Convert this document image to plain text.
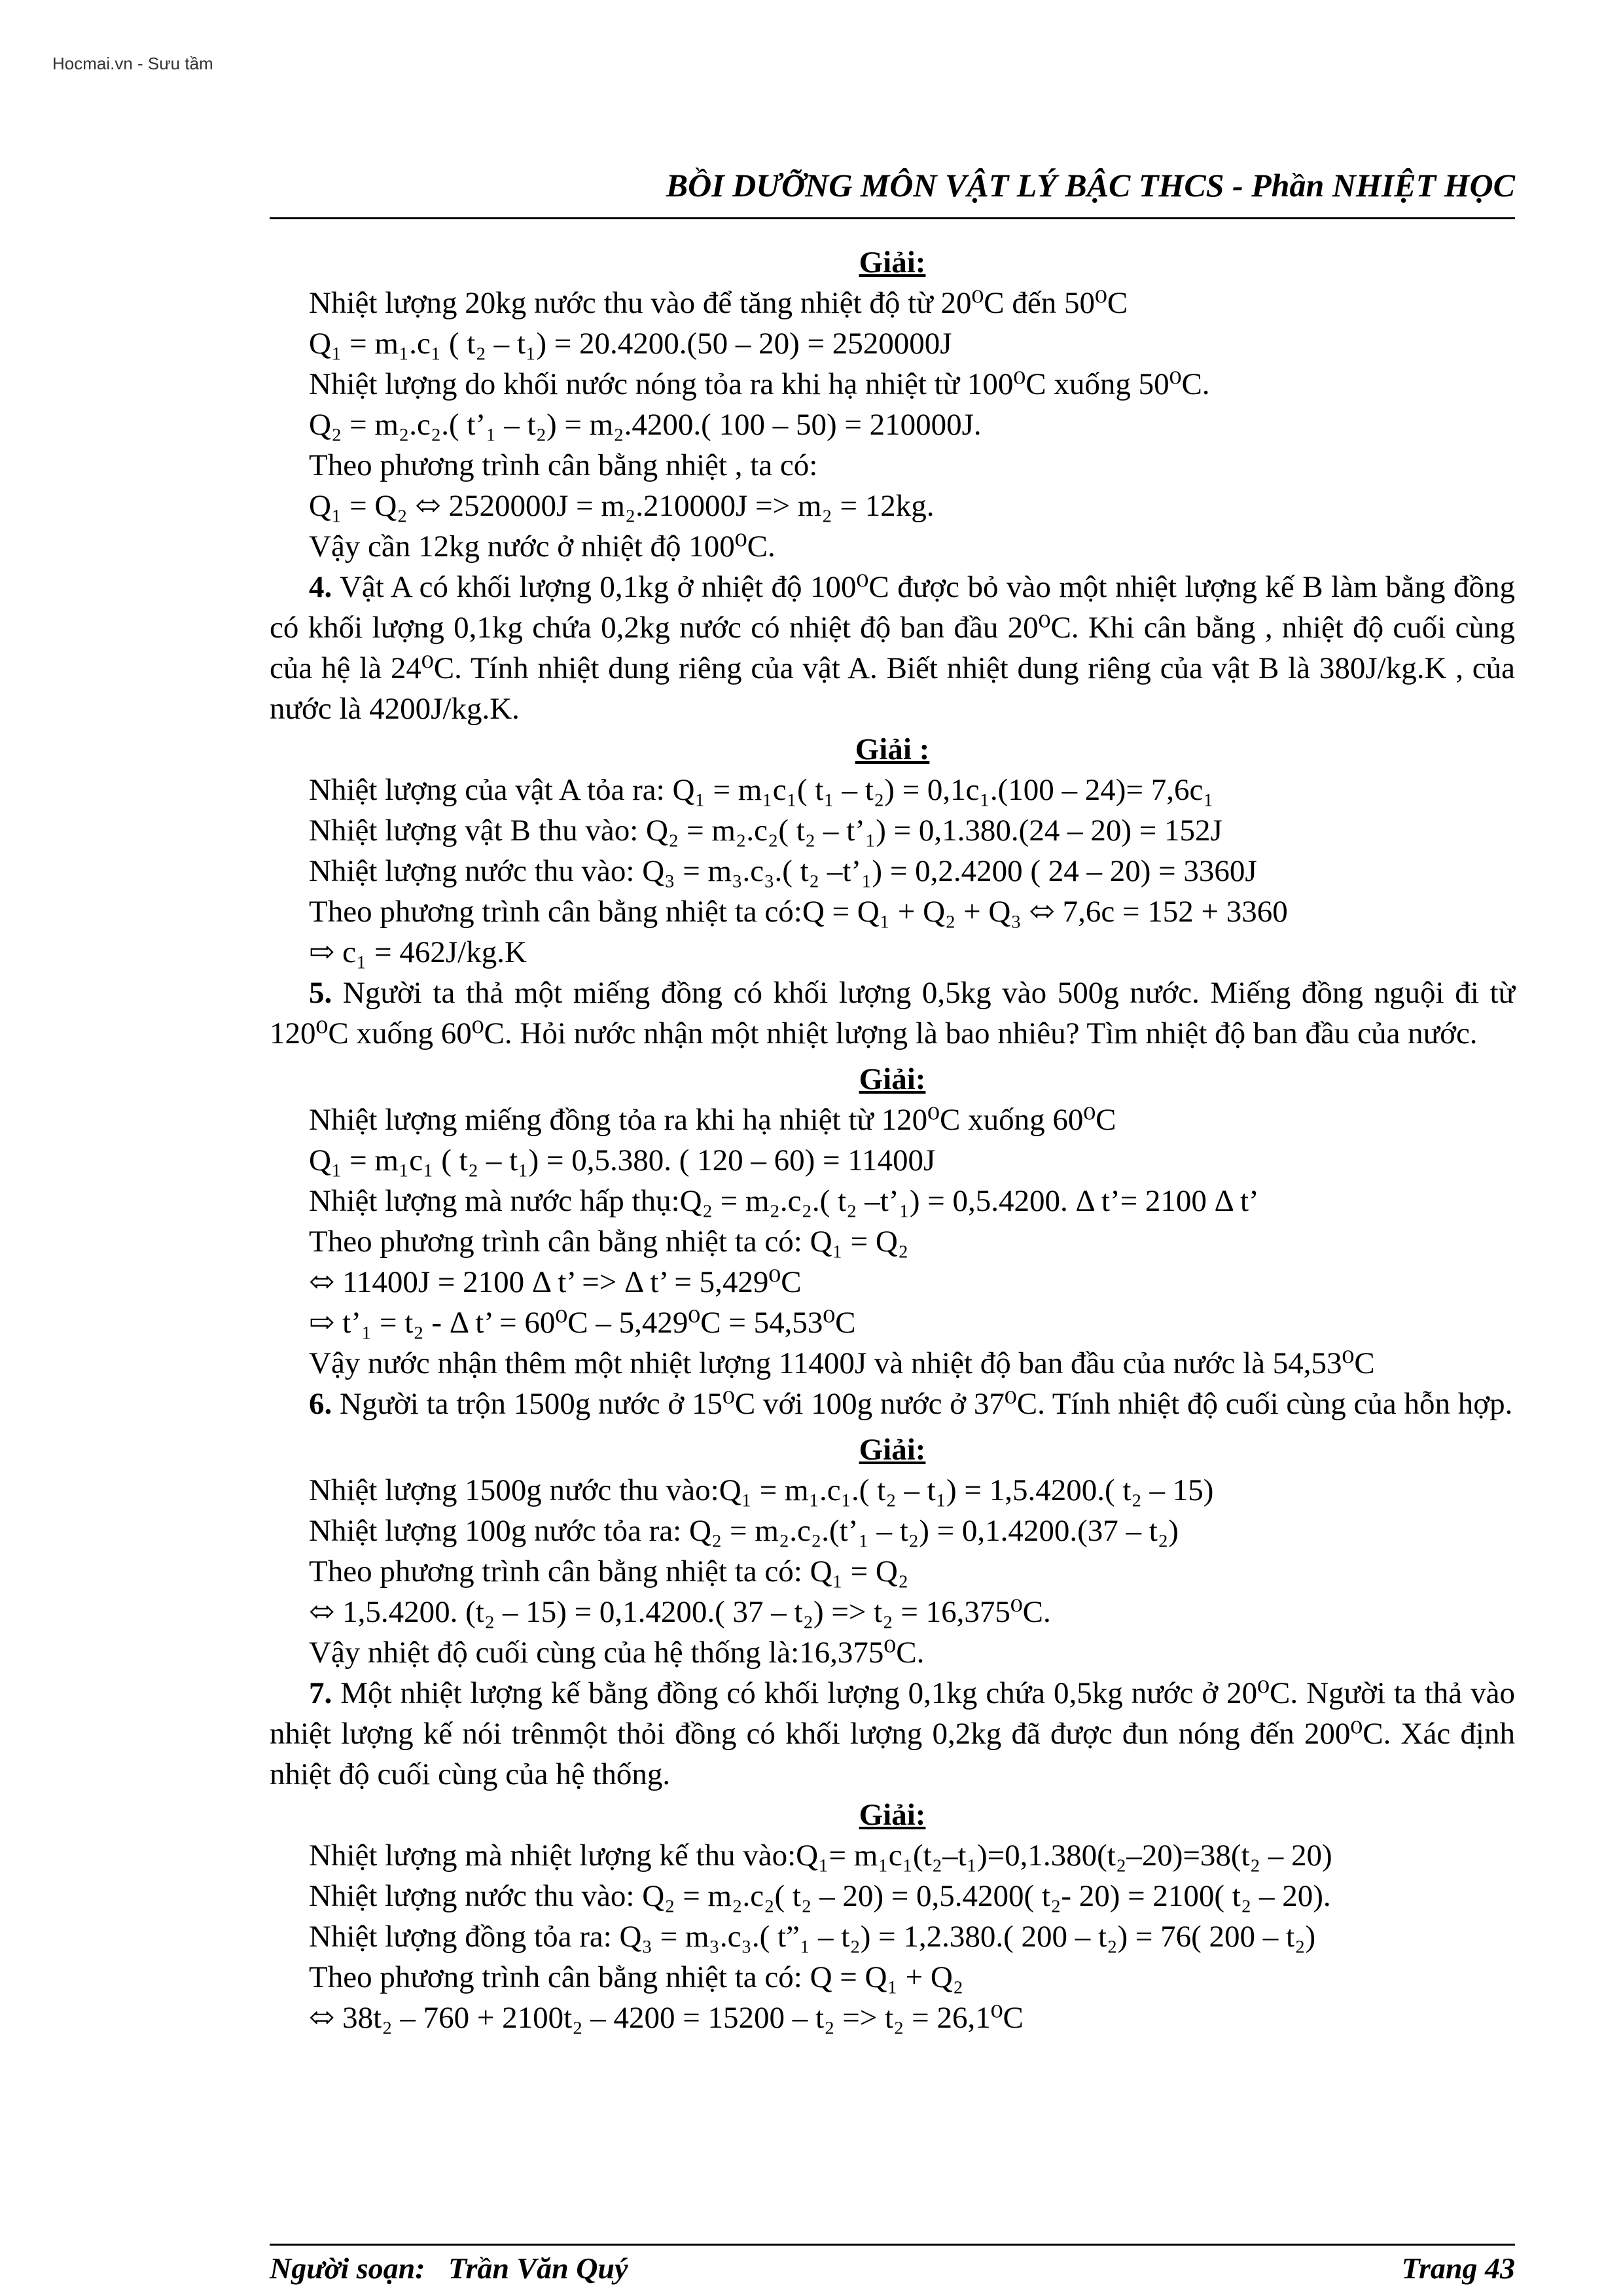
Hocmai.vn - Sưu tầm
BỒI DƯỠNG MÔN VẬT LÝ BẬC THCS - Phần NHIỆT HỌC
Giải:
Nhiệt lượng 20kg nước thu vào để tăng nhiệt độ từ 20⁰C đến 50⁰C
Q₁ = m₁.c₁ ( t₂ – t₁) = 20.4200.(50 – 20) = 2520000J
Nhiệt lượng do khối nước nóng tỏa ra khi hạ nhiệt từ 100⁰C xuống 50⁰C.
Q₂ = m₂.c₂.( t’₁ – t₂) = m₂.4200.( 100 – 50) = 210000J.
Theo phương trình cân bằng nhiệt , ta có:
Q₁ = Q₂ ⬄ 2520000J = m₂.210000J => m₂ = 12kg.
Vậy cần 12kg nước ở nhiệt độ 100⁰C.
4. Vật A có khối lượng 0,1kg ở nhiệt độ 100⁰C được bỏ vào một nhiệt lượng kế B làm bằng đồng có khối lượng 0,1kg chứa 0,2kg nước có nhiệt độ ban đầu 20⁰C. Khi cân bằng , nhiệt độ cuối cùng của hệ là 24⁰C. Tính nhiệt dung riêng của vật A. Biết nhiệt dung riêng của vật B là 380J/kg.K , của nước là 4200J/kg.K.
Giải :
Nhiệt lượng của vật A tỏa ra: Q₁ = m₁c₁( t₁ – t₂) = 0,1c₁.(100 – 24)= 7,6c₁
Nhiệt lượng vật B thu vào: Q₂ = m₂.c₂( t₂ – t’₁) = 0,1.380.(24 – 20) = 152J
Nhiệt lượng nước thu vào: Q₃ = m₃.c₃.( t₂ –t’₁) = 0,2.4200 ( 24 – 20) = 3360J
Theo phương trình cân bằng nhiệt ta có:Q = Q₁ + Q₂ + Q₃ ⬄ 7,6c = 152 + 3360
⇨ c₁ = 462J/kg.K
5. Người ta thả một miếng đồng có khối lượng 0,5kg vào 500g nước. Miếng đồng nguội đi từ 120⁰C xuống 60⁰C. Hỏi nước nhận một nhiệt lượng là bao nhiêu? Tìm nhiệt độ ban đầu của nước.
Giải:
Nhiệt lượng miếng đồng tỏa ra khi hạ nhiệt từ 120⁰C xuống 60⁰C
Q₁ = m₁c₁ ( t₂ – t₁) = 0,5.380. ( 120 – 60) = 11400J
Nhiệt lượng mà nước hấp thụ:Q₂ = m₂.c₂.( t₂ –t’₁) = 0,5.4200. Δ t’= 2100 Δ t’
Theo phương trình cân bằng nhiệt ta có: Q₁ = Q₂
⬄ 11400J = 2100 Δ t’ => Δ t’ = 5,429⁰C
⇨ t’₁ = t₂ - Δ t’ = 60⁰C – 5,429⁰C = 54,53⁰C
Vậy nước nhận thêm một nhiệt lượng 11400J và nhiệt độ ban đầu của nước là 54,53⁰C
6. Người ta trộn 1500g nước ở 15⁰C với 100g nước ở 37⁰C. Tính nhiệt độ cuối cùng của hỗn hợp.
Giải:
Nhiệt lượng 1500g nước thu vào:Q₁ = m₁.c₁.( t₂ – t₁) = 1,5.4200.( t₂ – 15)
Nhiệt lượng 100g nước tỏa ra: Q₂ = m₂.c₂.(t’₁ – t₂) = 0,1.4200.(37 – t₂)
Theo phương trình cân bằng nhiệt ta có: Q₁ = Q₂
⬄ 1,5.4200. (t₂ – 15) = 0,1.4200.( 37 – t₂) => t₂ = 16,375⁰C.
Vậy nhiệt độ cuối cùng của hệ thống là:16,375⁰C.
7. Một nhiệt lượng kế bằng đồng có khối lượng 0,1kg chứa 0,5kg nước ở 20⁰C. Người ta thả vào nhiệt lượng kế nói trênmột thỏi đồng có khối lượng 0,2kg đã được đun nóng đến 200⁰C. Xác định nhiệt độ cuối cùng của hệ thống.
Giải:
Nhiệt lượng mà nhiệt lượng kế thu vào:Q₁= m₁c₁(t₂–t₁)=0,1.380(t₂–20)=38(t₂ – 20)
Nhiệt lượng nước thu vào: Q₂ = m₂.c₂( t₂ – 20) = 0,5.4200( t₂- 20) = 2100( t₂ – 20).
Nhiệt lượng đồng tỏa ra: Q₃ = m₃.c₃.( t”₁ – t₂) = 1,2.380.( 200 – t₂) = 76( 200 – t₂)
Theo phương trình cân bằng nhiệt ta có: Q = Q₁ + Q₂
⬄ 38t₂ – 760 + 2100t₂ – 4200 = 15200 – t₂ => t₂ = 26,1⁰C
Người soạn: Trần Văn Quý	Trang 43
